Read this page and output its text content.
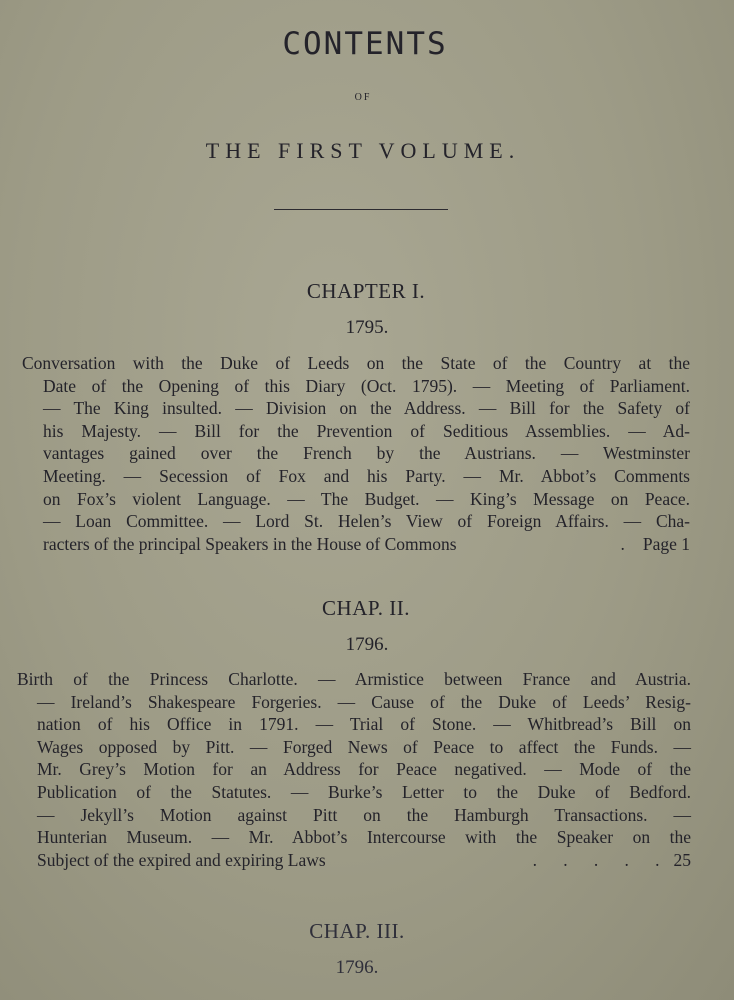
CONTENTS
OF
THE FIRST VOLUME.
CHAPTER I.
1795.
Conversation with the Duke of Leeds on the State of the Country at the
Date of the Opening of this Diary (Oct. 1795). — Meeting of Parliament.
— The King insulted. — Division on the Address. — Bill for the Safety of
his Majesty. — Bill for the Prevention of Seditious Assemblies. — Ad-
vantages gained over the French by the Austrians. — Westminster
Meeting. — Secession of Fox and his Party. — Mr. Abbot’s Comments
on Fox’s violent Language. — The Budget. — King’s Message on Peace.
— Loan Committee. — Lord St. Helen’s View of Foreign Affairs. — Cha-
racters of the principal Speakers in the House of Commons	Page 1
.
CHAP. II.
1796.
Birth of the Princess Charlotte. — Armistice between France and Austria.
— Ireland’s Shakespeare Forgeries. — Cause of the Duke of Leeds’ Resig-
nation of his Office in 1791. — Trial of Stone. — Whitbread’s Bill on
Wages opposed by Pitt. — Forged News of Peace to affect the Funds. —
Mr. Grey’s Motion for an Address for Peace negatived. — Mode of the
Publication of the Statutes. — Burke’s Letter to the Duke of Bedford.
— Jekyll’s Motion against Pitt on the Hamburgh Transactions. —
Hunterian Museum. — Mr. Abbot’s Intercourse with the Speaker on the
Subject of the expired and expiring Laws	25
.      .      .      .      .
CHAP. III.
1796.
